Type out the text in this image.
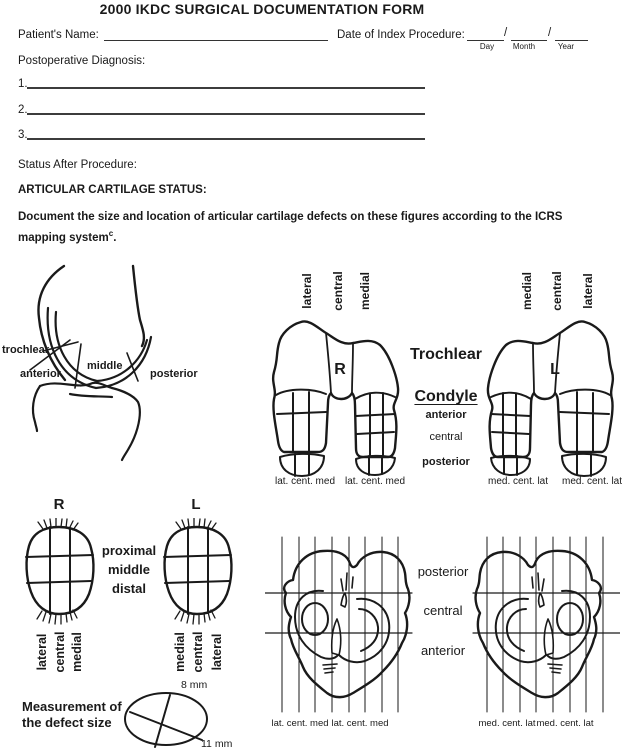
2000 IKDC SURGICAL DOCUMENTATION FORM
Patient's Name:	Date of Index Procedure:	/	/
Day	Month	Year
Postoperative Diagnosis:
1.
2.
3.
Status After Procedure:
ARTICULAR CARTILAGE STATUS:
Document the size and location of articular cartilage defects on these figures according to the ICRS
mapping system$^c$.
trochlear
anterior
middle
posterior
lateral central medial	medial central lateral
R	L
Trochlear
Condyle
anterior
central
posterior
lat. cent. med lat. cent. med	med. cent. lat	med. cent. lat
R	L
proximal
middle
distal
lateral central medial	medial central lateral
Measurement of
the defect size
8 mm
11 mm
posterior
central
anterior
lat. cent. med lat. cent. med	med. cent. lat med. cent. lat
